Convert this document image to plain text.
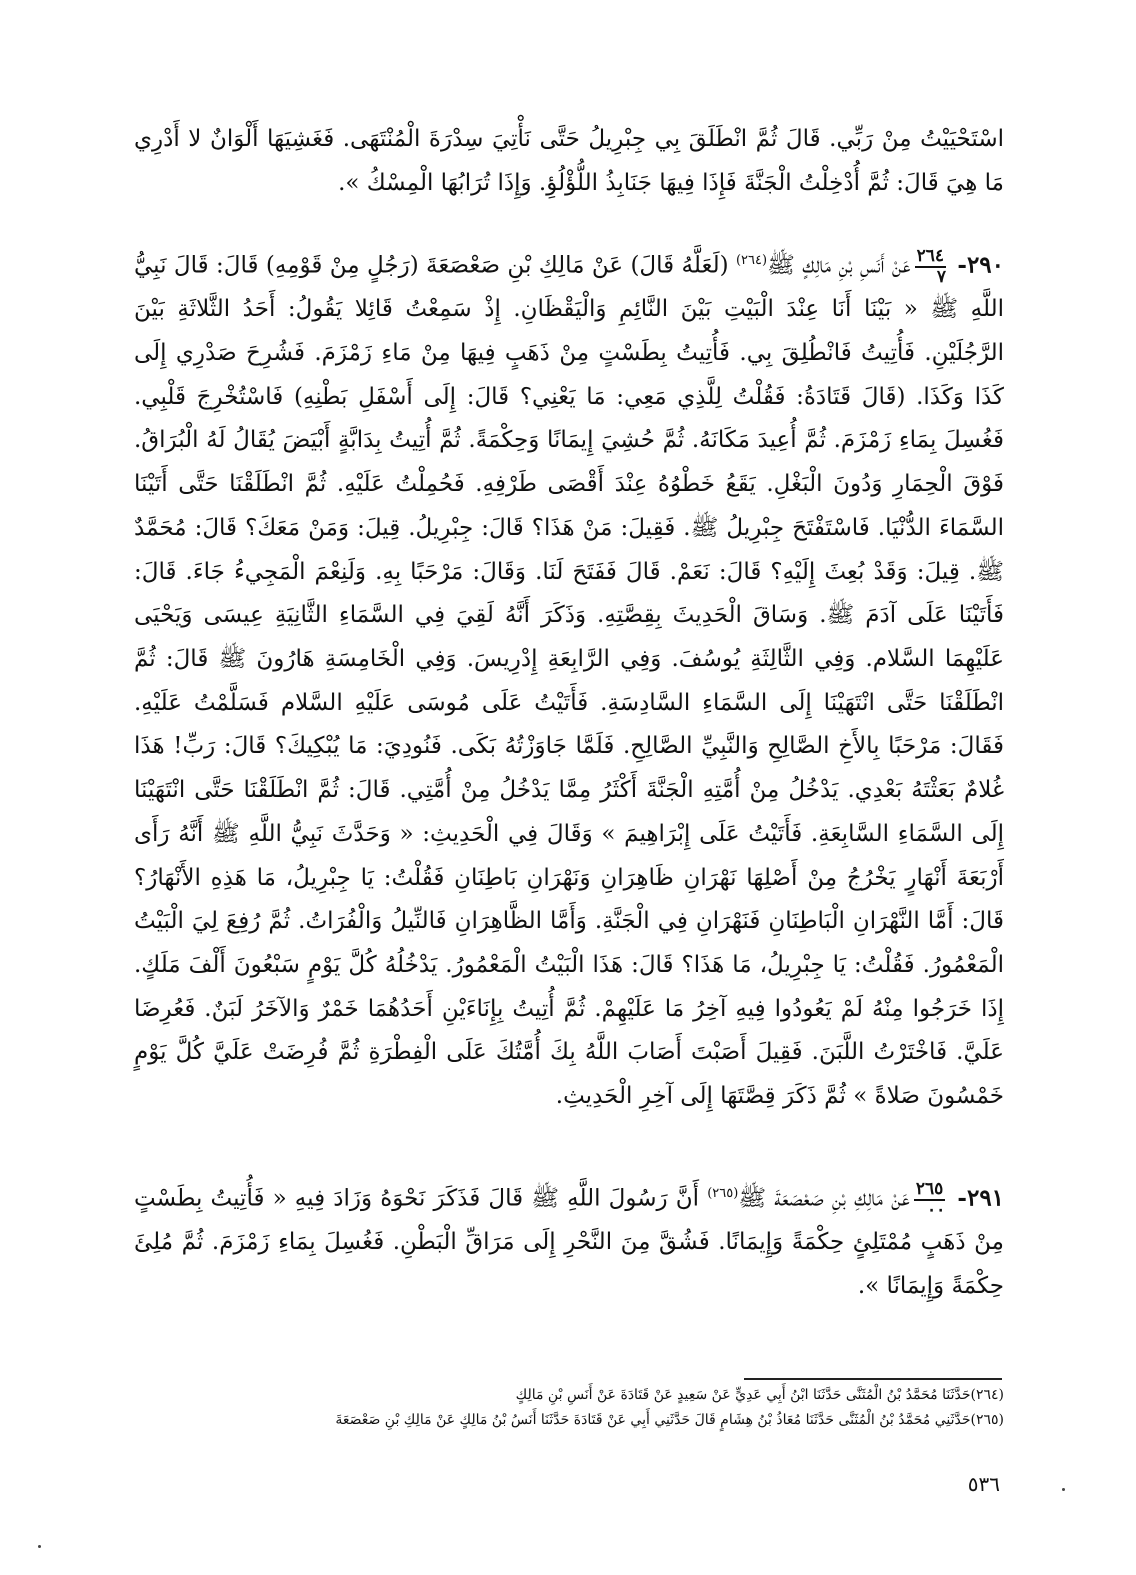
اسْتَحْيَيْتُ مِنْ رَبِّي. قَالَ ثُمَّ انْطَلَقَ بِي جِبْرِيلُ حَتَّى نَأْتِيَ سِدْرَةَ الْمُنْتَهَى. فَغَشِيَهَا أَلْوَانٌ لا أَدْرِي مَا هِيَ قَالَ: ثُمَّ أُدْخِلْتُ الْجَنَّةَ فَإِذَا فِيهَا جَنَابِذُ اللُّؤْلُؤِ. وَإِذَا تُرَابُهَا الْمِسْكُ ».
٢٩٠-
$\frac{٢٦٤}{٧}$
عَنْ أَنَسِ بْنِ مَالِكٍ ﷺ$^{(٢٦٤)}$ (لَعَلَّهُ قَالَ) عَنْ مَالِكِ بْنِ صَعْصَعَةَ (رَجُلٍ مِنْ قَوْمِهِ) قَالَ: قَالَ نَبِيُّ اللَّهِ ﷺ « بَيْنَا أَنَا عِنْدَ الْبَيْتِ بَيْنَ النَّائِمِ وَالْيَقْظَانِ. إِذْ سَمِعْتُ قَائِلا يَقُولُ: أَحَدُ الثَّلاثَةِ بَيْنَ الرَّجُلَيْنِ. فَأُتِيتُ فَانْطُلِقَ بِي. فَأُتِيتُ بِطَسْتٍ مِنْ ذَهَبٍ فِيهَا مِنْ مَاءِ زَمْزَمَ. فَشُرِحَ صَدْرِي إِلَى كَذَا وَكَذَا. (قَالَ قَتَادَةُ: فَقُلْتُ لِلَّذِي مَعِي: مَا يَعْنِي؟ قَالَ: إِلَى أَسْفَلِ بَطْنِهِ) فَاسْتُخْرِجَ قَلْبِي. فَغُسِلَ بِمَاءِ زَمْزَمَ. ثُمَّ أُعِيدَ مَكَانَهُ. ثُمَّ حُشِيَ إِيمَانًا وَحِكْمَةً. ثُمَّ أُتِيتُ بِدَابَّةٍ أَبْيَضَ يُقَالُ لَهُ الْبُرَاقُ. فَوْقَ الْحِمَارِ وَدُونَ الْبَغْلِ. يَقَعُ خَطْوُهُ عِنْدَ أَقْصَى طَرْفِهِ. فَحُمِلْتُ عَلَيْهِ. ثُمَّ انْطَلَقْنَا حَتَّى أَتَيْنَا السَّمَاءَ الدُّنْيَا. فَاسْتَفْتَحَ جِبْرِيلُ ﷺ. فَقِيلَ: مَنْ هَذَا؟ قَالَ: جِبْرِيلُ. قِيلَ: وَمَنْ مَعَكَ؟ قَالَ: مُحَمَّدٌ ﷺ. قِيلَ: وَقَدْ بُعِثَ إِلَيْهِ؟ قَالَ: نَعَمْ. قَالَ فَفَتَحَ لَنَا. وَقَالَ: مَرْحَبًا بِهِ. وَلَنِعْمَ الْمَجِيءُ جَاءَ. قَالَ: فَأَتَيْنَا عَلَى آدَمَ ﷺ. وَسَاقَ الْحَدِيثَ بِقِصَّتِهِ. وَذَكَرَ أَنَّهُ لَقِيَ فِي السَّمَاءِ الثَّانِيَةِ عِيسَى وَيَحْيَى عَلَيْهِمَا السَّلام. وَفِي الثَّالِثَةِ يُوسُفَ. وَفِي الرَّابِعَةِ إِدْرِيسَ. وَفِي الْخَامِسَةِ هَارُونَ ﷺ قَالَ: ثُمَّ انْطَلَقْنَا حَتَّى انْتَهَيْنَا إِلَى السَّمَاءِ السَّادِسَةِ. فَأَتَيْتُ عَلَى مُوسَى عَلَيْهِ السَّلام فَسَلَّمْتُ عَلَيْهِ. فَقَالَ: مَرْحَبًا بِالأَخِ الصَّالِحِ وَالنَّبِيِّ الصَّالِحِ. فَلَمَّا جَاوَزْتُهُ بَكَى. فَنُودِيَ: مَا يُبْكِيكَ؟ قَالَ: رَبِّ! هَذَا غُلامٌ بَعَثْتَهُ بَعْدِي. يَدْخُلُ مِنْ أُمَّتِهِ الْجَنَّةَ أَكْثَرُ مِمَّا يَدْخُلُ مِنْ أُمَّتِي. قَالَ: ثُمَّ انْطَلَقْنَا حَتَّى انْتَهَيْنَا إِلَى السَّمَاءِ السَّابِعَةِ. فَأَتَيْتُ عَلَى إِبْرَاهِيمَ » وَقَالَ فِي الْحَدِيثِ: « وَحَدَّثَ نَبِيُّ اللَّهِ ﷺ أَنَّهُ رَأَى أَرْبَعَةَ أَنْهَارٍ يَخْرُجُ مِنْ أَصْلِهَا نَهْرَانِ ظَاهِرَانِ وَنَهْرَانِ بَاطِنَانِ فَقُلْتُ: يَا جِبْرِيلُ، مَا هَذِهِ الأَنْهَارُ؟ قَالَ: أَمَّا النَّهْرَانِ الْبَاطِنَانِ فَنَهْرَانِ فِي الْجَنَّةِ. وَأَمَّا الظَّاهِرَانِ فَالنِّيلُ وَالْفُرَاتُ. ثُمَّ رُفِعَ لِيَ الْبَيْتُ الْمَعْمُورُ. فَقُلْتُ: يَا جِبْرِيلُ، مَا هَذَا؟ قَالَ: هَذَا الْبَيْتُ الْمَعْمُورُ. يَدْخُلُهُ كُلَّ يَوْمٍ سَبْعُونَ أَلْفَ مَلَكٍ. إِذَا خَرَجُوا مِنْهُ لَمْ يَعُودُوا فِيهِ آخِرُ مَا عَلَيْهِمْ. ثُمَّ أُتِيتُ بِإِنَاءَيْنِ أَحَدُهُمَا خَمْرٌ وَالآخَرُ لَبَنٌ. فَعُرِضَا عَلَيَّ. فَاخْتَرْتُ اللَّبَنَ. فَقِيلَ أَصَبْتَ أَصَابَ اللَّهُ بِكَ أُمَّتُكَ عَلَى الْفِطْرَةِ ثُمَّ فُرِضَتْ عَلَيَّ كُلَّ يَوْمٍ خَمْسُونَ صَلاةً » ثُمَّ ذَكَرَ قِصَّتَهَا إِلَى آخِرِ الْحَدِيثِ.
٢٩١-
$\frac{٢٦٥}{٠٠}$
عَنْ مَالِكِ بْنِ صَعْصَعَةَ ﷺ$^{(٢٦٥)}$ أَنَّ رَسُولَ اللَّهِ ﷺ قَالَ فَذَكَرَ نَحْوَهُ وَزَادَ فِيهِ « فَأُتِيتُ بِطَسْتٍ مِنْ ذَهَبٍ مُمْتَلِئٍ حِكْمَةً وَإِيمَانًا. فَشُقَّ مِنَ النَّحْرِ إِلَى مَرَاقِّ الْبَطْنِ. فَغُسِلَ بِمَاءِ زَمْزَمَ. ثُمَّ مُلِئَ حِكْمَةً وَإِيمَانًا ».
(٢٦٤)حَدَّثَنَا مُحَمَّدُ بْنُ الْمُثَنَّى حَدَّثَنَا ابْنُ أَبِي عَدِيٍّ عَنْ سَعِيدٍ عَنْ قَتَادَةَ عَنْ أَنَسِ بْنِ مَالِكٍ
(٢٦٥)حَدَّثَنِي مُحَمَّدُ بْنُ الْمُثَنَّى حَدَّثَنَا مُعَاذُ بْنُ هِشَامٍ قَالَ حَدَّثَنِي أَبِي عَنْ قَتَادَةَ حَدَّثَنَا أَنَسُ بْنُ مَالِكٍ عَنْ مَالِكِ بْنِ صَعْصَعَةَ
٥٣٦
